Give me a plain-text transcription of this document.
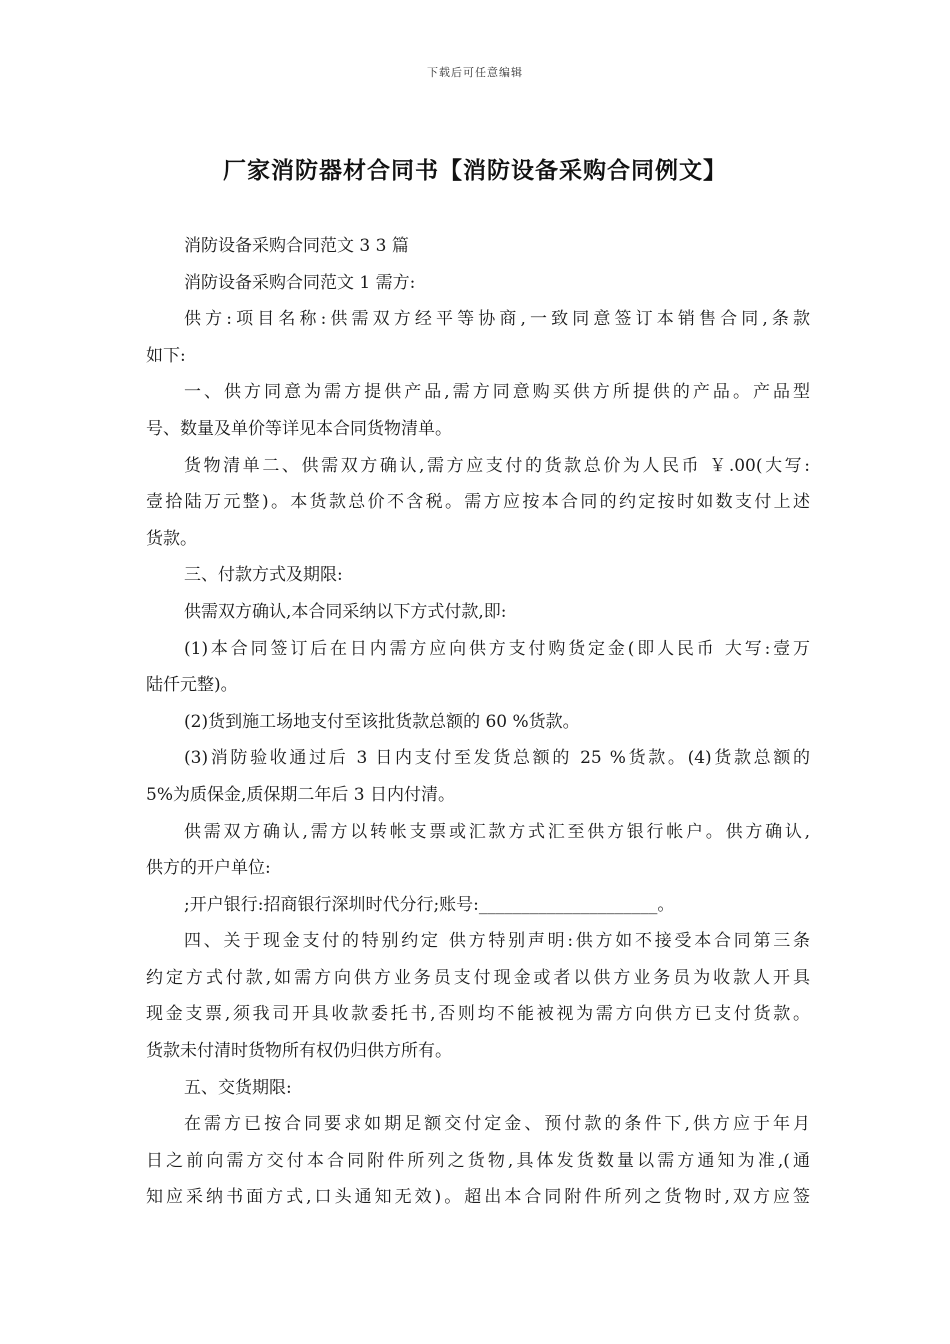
下载后可任意编辑
厂家消防器材合同书【消防设备采购合同例文】
消防设备采购合同范文 3 3 篇
消防设备采购合同范文 1 需方:
供方:项目名称:供需双方经平等协商,一致同意签订本销售合同,条款
如下:
一、供方同意为需方提供产品,需方同意购买供方所提供的产品。产品型
号、数量及单价等详见本合同货物清单。
货物清单二、供需双方确认,需方应支付的货款总价为人民币 ￥.00(大写:
壹拾陆万元整)。本货款总价不含税。需方应按本合同的约定按时如数支付上述
货款。
三、付款方式及期限:
供需双方确认,本合同采纳以下方式付款,即:
(1)本合同签订后在日内需方应向供方支付购货定金(即人民币 大写:壹万
陆仟元整)。
(2)货到施工场地支付至该批货款总额的 60 %货款。
(3)消防验收通过后 3 日内支付至发货总额的 25 %货款。(4)货款总额的
5%为质保金,质保期二年后 3 日内付清。
供需双方确认,需方以转帐支票或汇款方式汇至供方银行帐户。供方确认,
供方的开户单位:
;开户银行:招商银行深圳时代分行;账号:_____________________。
四、关于现金支付的特别约定 供方特别声明:供方如不接受本合同第三条
约定方式付款,如需方向供方业务员支付现金或者以供方业务员为收款人开具
现金支票,须我司开具收款委托书,否则均不能被视为需方向供方已支付货款。
货款未付清时货物所有权仍归供方所有。
五、交货期限:
在需方已按合同要求如期足额交付定金、预付款的条件下,供方应于年月
日之前向需方交付本合同附件所列之货物,具体发货数量以需方通知为准,(通
知应采纳书面方式,口头通知无效)。超出本合同附件所列之货物时,双方应签
